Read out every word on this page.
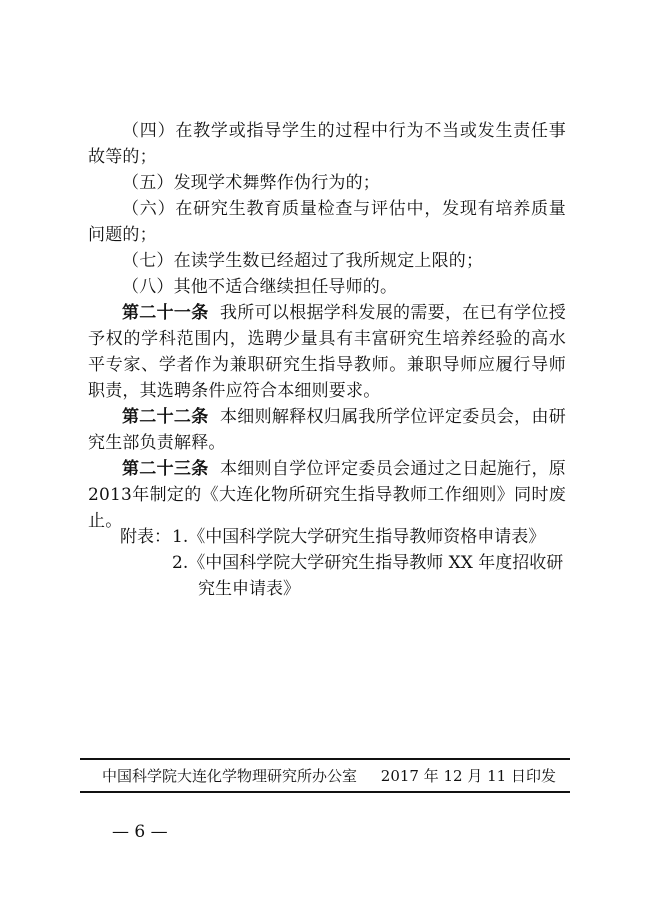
（四）在教学或指导学生的过程中行为不当或发生责任事故等的；

（五）发现学术舞弊作伪行为的；

（六）在研究生教育质量检查与评估中，发现有培养质量问题的；

（七）在读学生数已经超过了我所规定上限的；

（八）其他不适合继续担任导师的。

第二十一条 我所可以根据学科发展的需要，在已有学位授予权的学科范围内，选聘少量具有丰富研究生培养经验的高水平专家、学者作为兼职研究生指导教师。兼职导师应履行导师职责，其选聘条件应符合本细则要求。

第二十二条 本细则解释权归属我所学位评定委员会，由研究生部负责解释。

第二十三条 本细则自学位评定委员会通过之日起施行，原2013年制定的《大连化物所研究生指导教师工作细则》同时废止。

附表： 1.《中国科学院大学研究生指导教师资格申请表》
2.《中国科学院大学研究生指导教师 XX 年度招收研
究生申请表》
中国科学院大连化学物理研究所办公室 2017 年 12 月 11 日印发
— 6 —
